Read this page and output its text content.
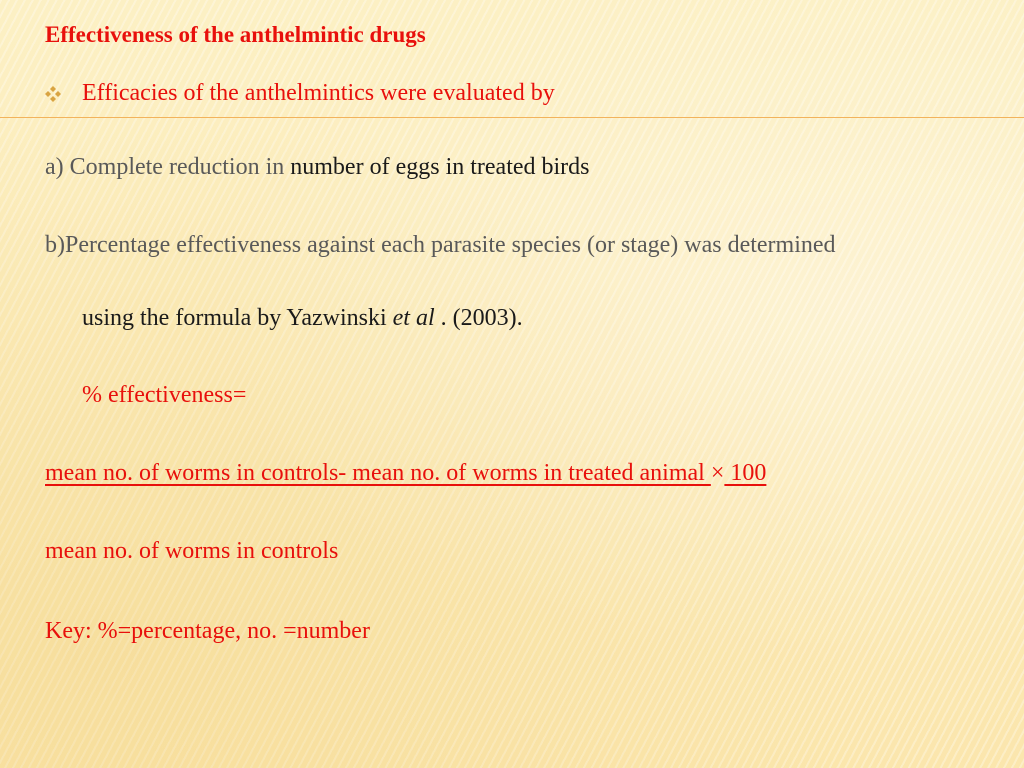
Effectiveness of the anthelmintic drugs
Efficacies of the anthelmintics were evaluated by
a) Complete reduction in number of eggs in treated birds
b)Percentage effectiveness against each parasite species (or stage) was determined
using the formula by Yazwinski et al . (2003).
% effectiveness=
mean no. of worms in controls- mean no. of worms in treated animal × 100
mean no. of worms in controls
Key: %=percentage, no. =number
